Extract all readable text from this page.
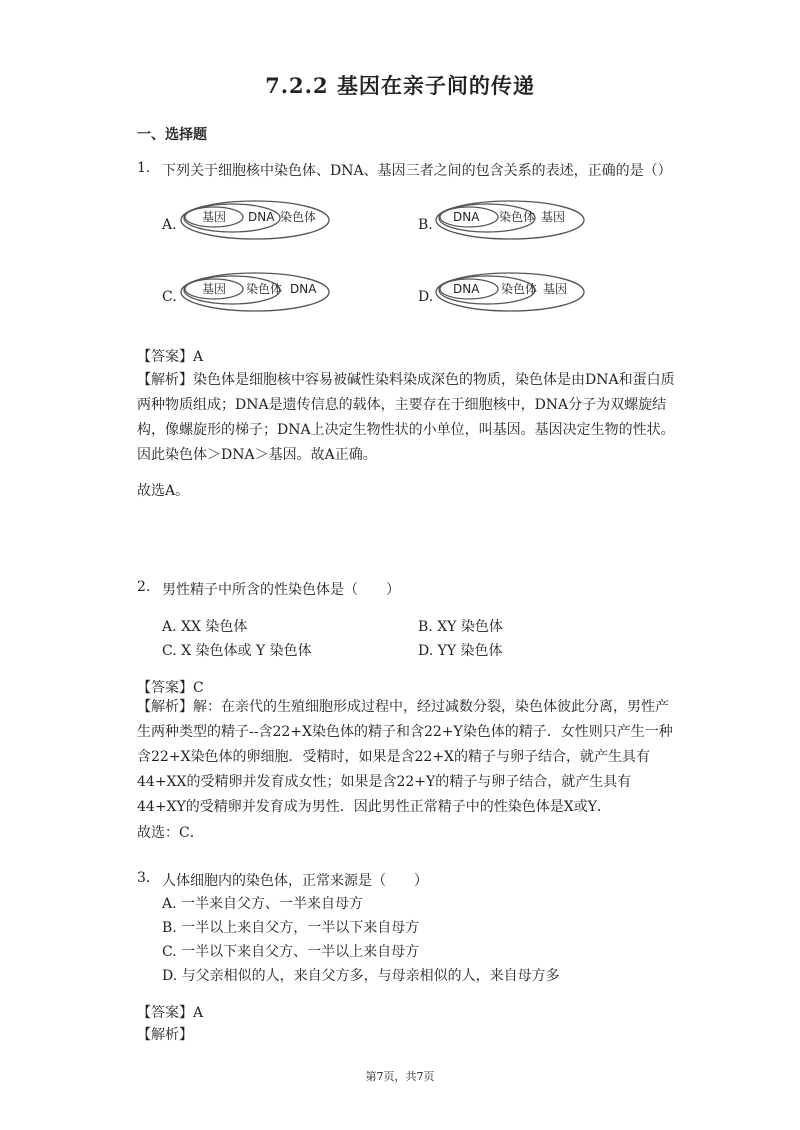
7.2.2 基因在亲子间的传递
一、选择题
1. 下列关于细胞核中染色体、DNA、基因三者之间的包含关系的表述，正确的是（）
A. 基因 DNA 染色体	B. DNA 染色体 基因
C. 基因 染色体 DNA	D. DNA 染色体 基因
【答案】A
【解析】染色体是细胞核中容易被碱性染料染成深色的物质，染色体是由DNA和蛋白质两种物质组成；DNA是遗传信息的载体，主要存在于细胞核中，DNA分子为双螺旋结构，像螺旋形的梯子；DNA上决定生物性状的小单位，叫基因。基因决定生物的性状。因此染色体＞DNA＞基因。故A正确。
故选A。
2. 男性精子中所含的性染色体是（　　）
A. XX 染色体	B. XY 染色体
C. X 染色体或 Y 染色体	D. YY 染色体
【答案】C
【解析】解：在亲代的生殖细胞形成过程中，经过减数分裂，染色体彼此分离，男性产生两种类型的精子--含22+X染色体的精子和含22+Y染色体的精子．女性则只产生一种含22+X染色体的卵细胞．受精时，如果是含22+X的精子与卵子结合，就产生具有44+XX的受精卵并发育成女性；如果是含22+Y的精子与卵子结合，就产生具有44+XY的受精卵并发育成为男性．因此男性正常精子中的性染色体是X或Y．
故选：C．
3. 人体细胞内的染色体，正常来源是（　　）
A. 一半来自父方、一半来自母方
B. 一半以上来自父方，一半以下来自母方
C. 一半以下来自父方、一半以上来自母方
D. 与父亲相似的人，来自父方多，与母亲相似的人，来自母方多
【答案】A
【解析】
第7页，共7页
